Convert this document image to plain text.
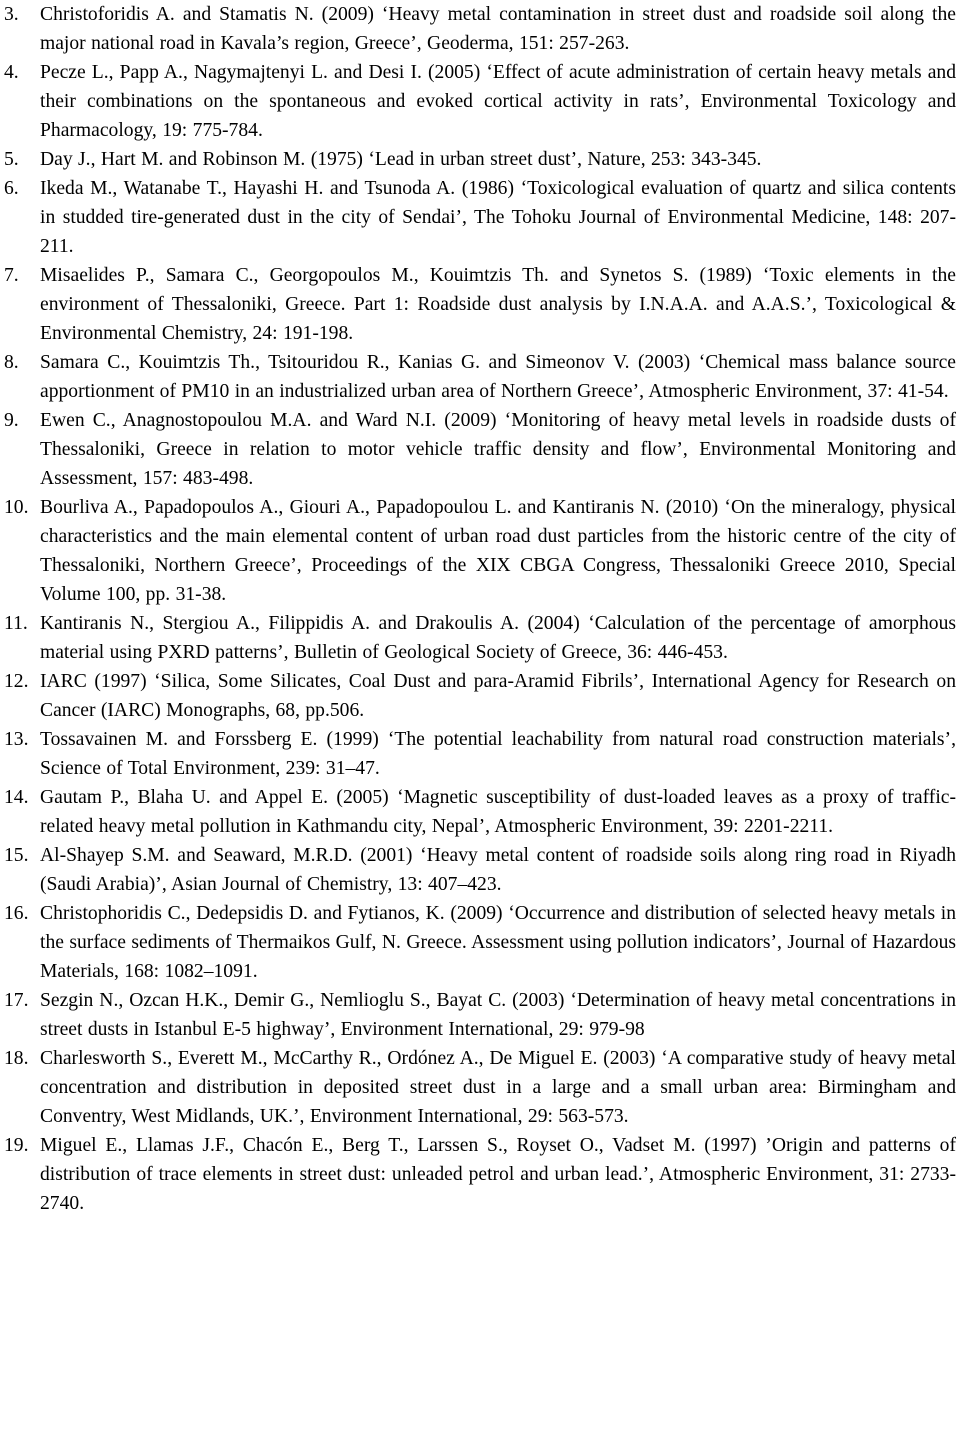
3.	Christoforidis A. and Stamatis N. (2009) ‘Heavy metal contamination in street dust and roadside soil along the major national road in Kavala’s region, Greece’, Geoderma, 151: 257-263.
4.	Pecze L., Papp A., Nagymajtenyi L. and Desi I. (2005) ‘Effect of acute administration of certain heavy metals and their combinations on the spontaneous and evoked cortical activity in rats’, Environmental Toxicology and Pharmacology, 19: 775-784.
5.	Day J., Hart M. and Robinson M. (1975) ‘Lead in urban street dust’, Nature, 253: 343-345.
6.	Ikeda M., Watanabe T., Hayashi H. and Tsunoda A. (1986) ‘Toxicological evaluation of quartz and silica contents in studded tire-generated dust in the city of Sendai’, The Tohoku Journal of Environmental Medicine, 148: 207-211.
7.	Misaelides P., Samara C., Georgopoulos M., Kouimtzis Th. and Synetos S. (1989) ‘Toxic elements in the environment of Thessaloniki, Greece. Part 1: Roadside dust analysis by I.N.A.A. and A.A.S.’, Toxicological & Environmental Chemistry, 24: 191-198.
8.	Samara C., Kouimtzis Th., Tsitouridou R., Kanias G. and Simeonov V. (2003) ‘Chemical mass balance source apportionment of PM10 in an industrialized urban area of Northern Greece’, Atmospheric Environment, 37: 41-54.
9.	Ewen C., Anagnostopoulou M.A. and Ward N.I. (2009) ‘Monitoring of heavy metal levels in roadside dusts of Thessaloniki, Greece in relation to motor vehicle traffic density and flow’, Environmental Monitoring and Assessment, 157: 483-498.
10. Bourliva A., Papadopoulos A., Giouri A., Papadopoulou L. and Kantiranis N. (2010) ‘On the mineralogy, physical characteristics and the main elemental content of urban road dust particles from the historic centre of the city of Thessaloniki, Northern Greece’, Proceedings of the XIX CBGA Congress, Thessaloniki Greece 2010, Special Volume 100, pp. 31-38.
11. Kantiranis N., Stergiou A., Filippidis A. and Drakoulis A. (2004) ‘Calculation of the percentage of amorphous material using PXRD patterns’, Bulletin of Geological Society of Greece, 36: 446-453.
12. IARC (1997) ‘Silica, Some Silicates, Coal Dust and para-Aramid Fibrils’, International Agency for Research on Cancer (IARC) Monographs, 68, pp.506.
13. Tossavainen M. and Forssberg E. (1999) ‘The potential leachability from natural road construction materials’, Science of Total Environment, 239: 31–47.
14. Gautam P., Blaha U. and Appel E. (2005) ‘Magnetic susceptibility of dust-loaded leaves as a proxy of traffic-related heavy metal pollution in Kathmandu city, Nepal’, Atmospheric Environment, 39: 2201-2211.
15. Al-Shayep S.M. and Seaward, M.R.D. (2001) ‘Heavy metal content of roadside soils along ring road in Riyadh (Saudi Arabia)’, Asian Journal of Chemistry, 13: 407–423.
16. Christophoridis C., Dedepsidis D. and Fytianos, K. (2009) ‘Occurrence and distribution of selected heavy metals in the surface sediments of Thermaikos Gulf, N. Greece. Assessment using pollution indicators’, Journal of Hazardous Materials, 168: 1082–1091.
17. Sezgin N., Ozcan H.K., Demir G., Nemlioglu S., Bayat C. (2003) ‘Determination of heavy metal concentrations in street dusts in Istanbul E-5 highway’, Environment International, 29: 979-98
18. Charlesworth S., Everett M., McCarthy R., Ordónez A., De Miguel E. (2003) ‘A comparative study of heavy metal concentration and distribution in deposited street dust in a large and a small urban area: Birmingham and Conventry, West Midlands, UK.’, Environment International, 29: 563-573.
19. Miguel E., Llamas J.F., Chacón E., Berg T., Larssen S., Royset O., Vadset M. (1997) ’Origin and patterns of distribution of trace elements in street dust: unleaded petrol and urban lead.’, Atmospheric Environment, 31: 2733-2740.
